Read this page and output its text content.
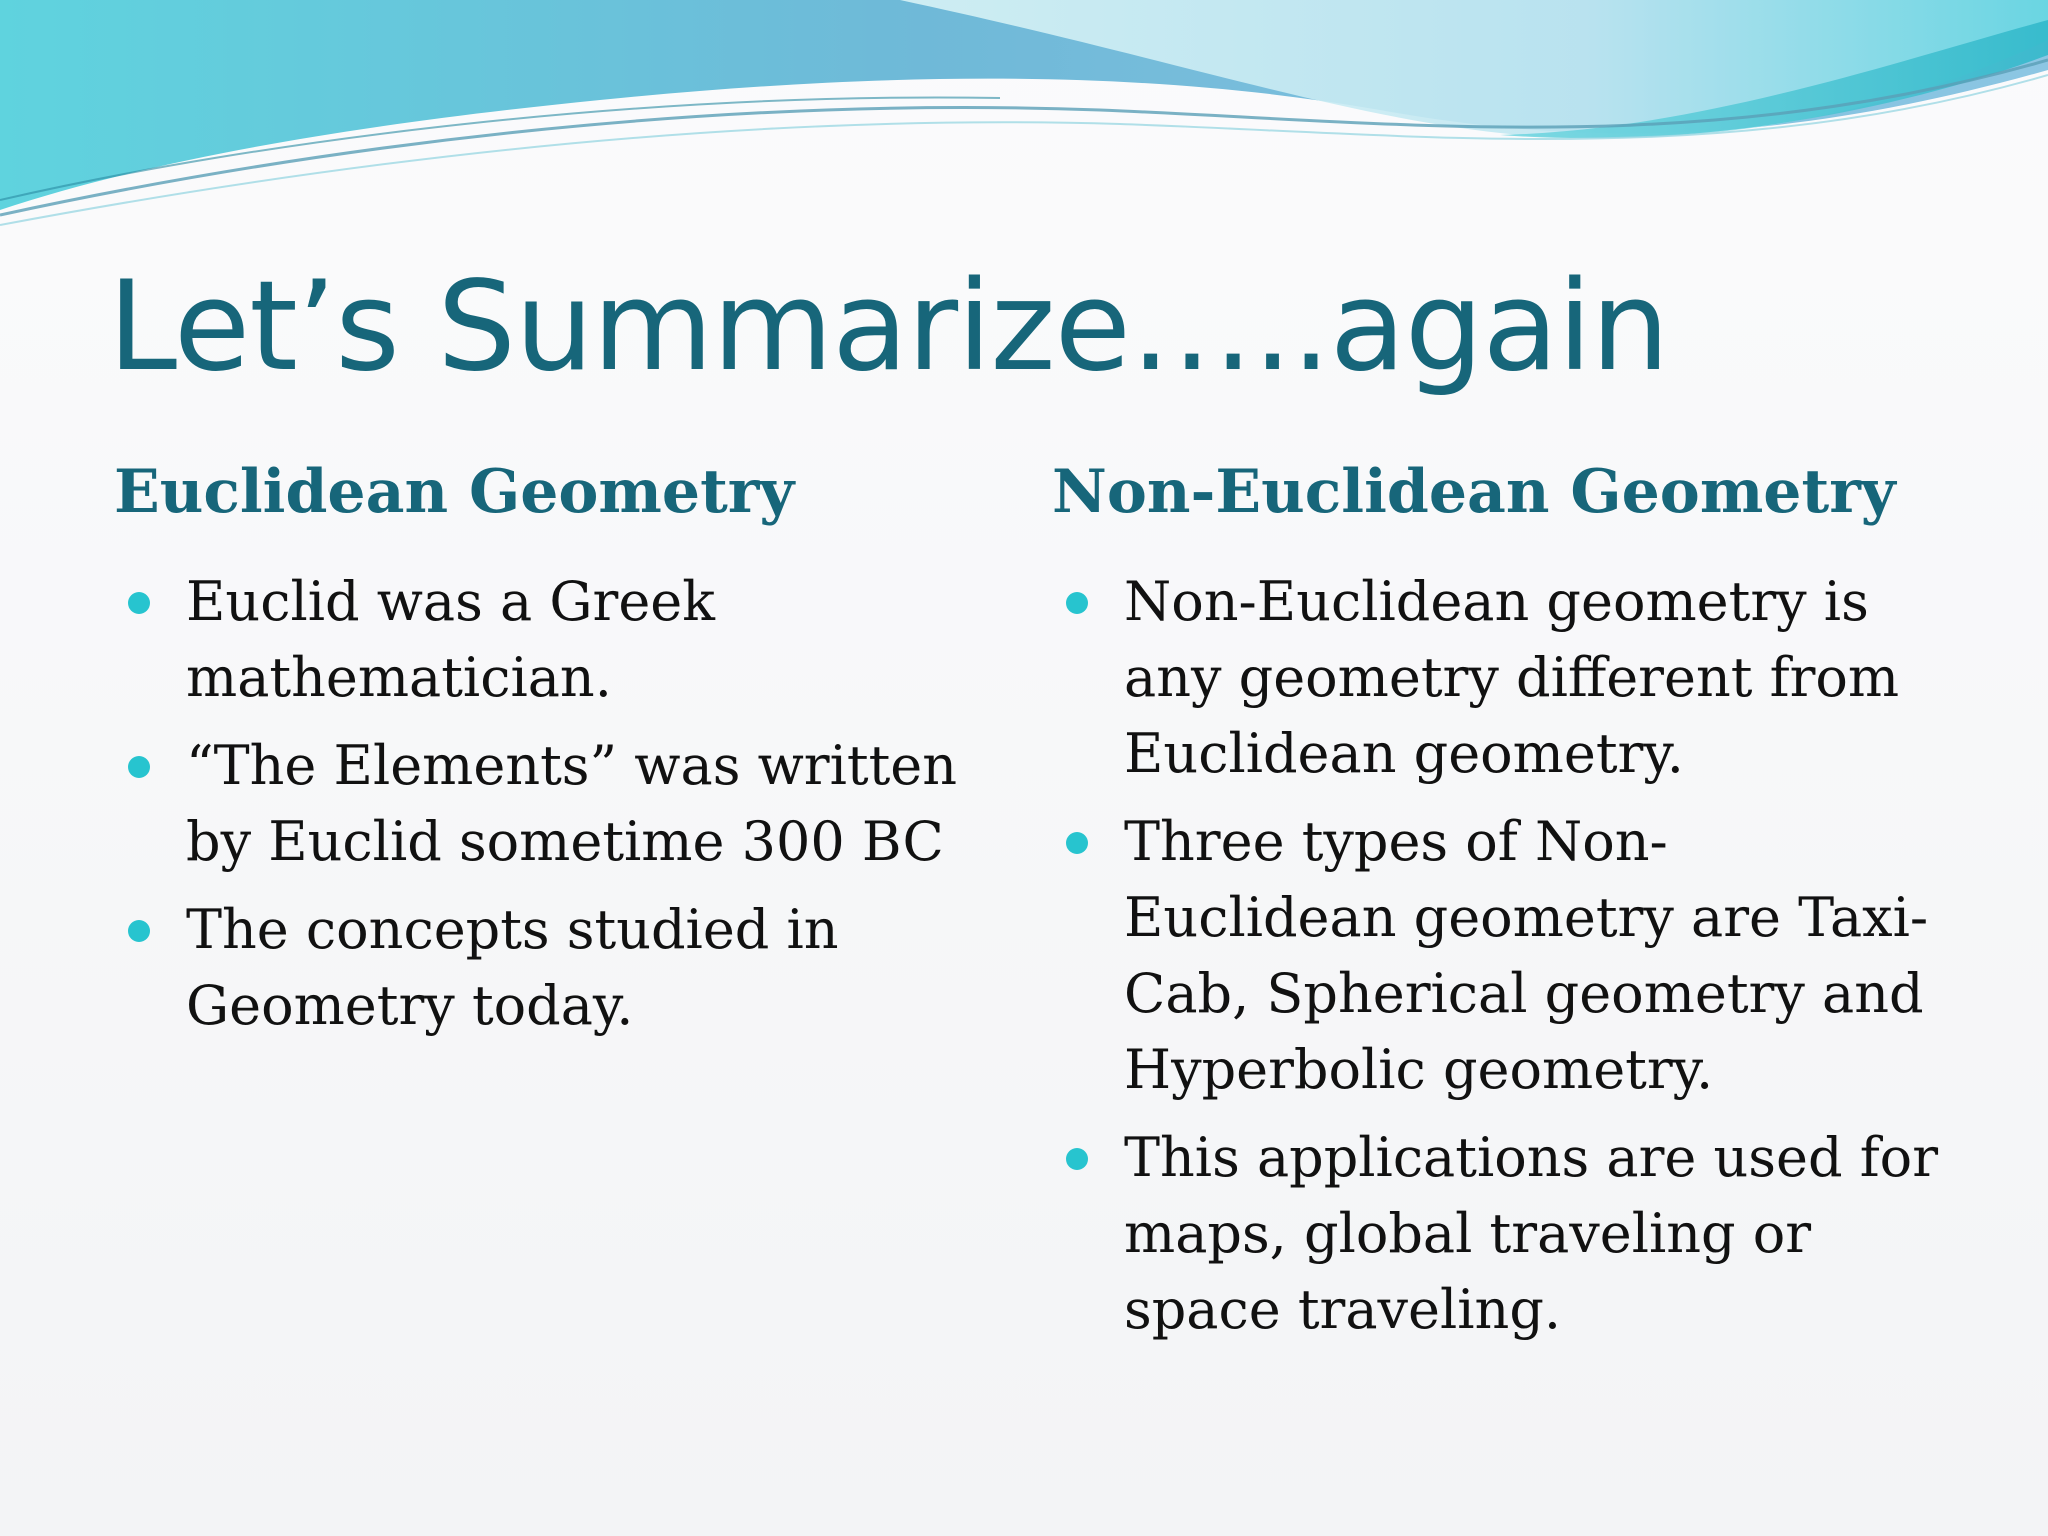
Let’s Summarize…..again
Euclidean Geometry	Non-Euclidean Geometry
Euclid was a Greek mathematician.
“The Elements” was written by Euclid sometime 300 BC
The concepts studied in Geometry today.
Non-Euclidean geometry is any geometry different from Euclidean geometry.
Three types of Non-Euclidean geometry are Taxi-Cab, Spherical geometry and Hyperbolic geometry.
This applications are used for maps, global traveling or space traveling.
